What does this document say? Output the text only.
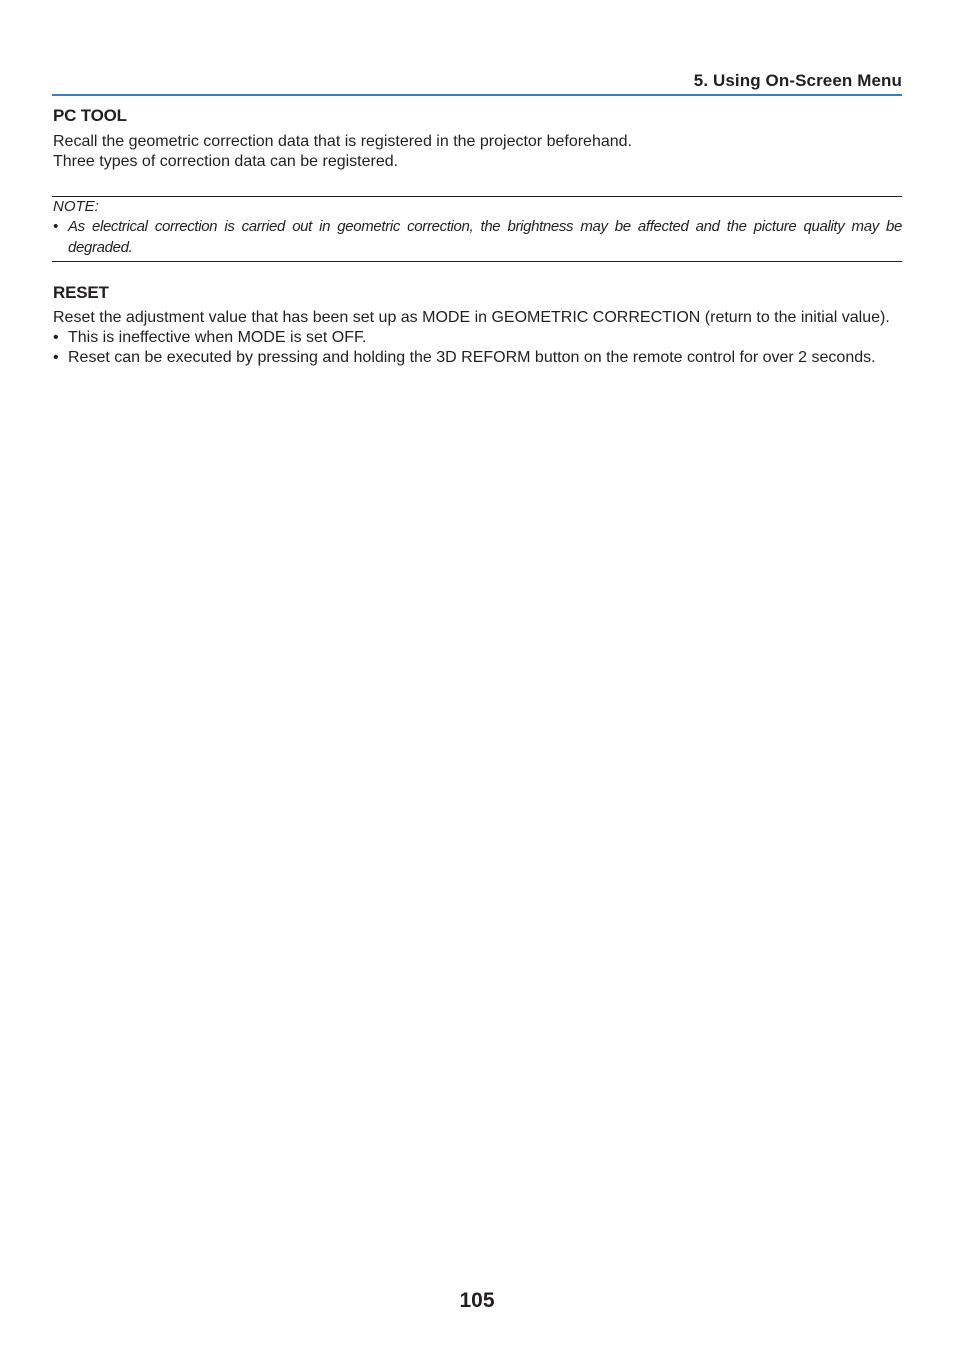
5. Using On-Screen Menu
PC TOOL
Recall the geometric correction data that is registered in the projector beforehand.
Three types of correction data can be registered.
NOTE:
• As electrical correction is carried out in geometric correction, the brightness may be affected and the picture quality may be degraded.
RESET
Reset the adjustment value that has been set up as MODE in GEOMETRIC CORRECTION (return to the initial value).
• This is ineffective when MODE is set OFF.
• Reset can be executed by pressing and holding the 3D REFORM button on the remote control for over 2 seconds.
105
